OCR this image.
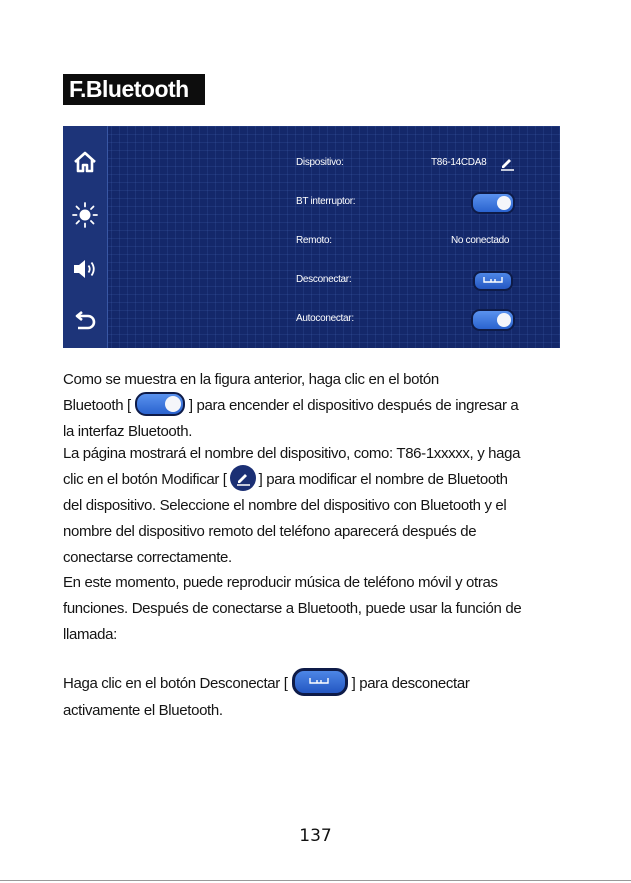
F.Bluetooth
Dispositivo:	T86-14CDA8
BT interruptor:
Remoto:	No conectado
Desconectar:
Autoconectar:
Como se muestra en la figura anterior, haga clic en el botón
Bluetooth [	] para encender el dispositivo después de ingresar a
la interfaz Bluetooth.
La página mostrará el nombre del dispositivo, como: T86-1xxxxx, y haga
clic en el botón Modificar [ ] para modificar el nombre de Bluetooth
del dispositivo. Seleccione el nombre del dispositivo con Bluetooth y el
nombre del dispositivo remoto del teléfono aparecerá después de
conectarse correctamente.
En este momento, puede reproducir música de teléfono móvil y otras
funciones. Después de conectarse a Bluetooth, puede usar la función de
llamada:
Haga clic en el botón Desconectar [	] para desconectar
activamente el Bluetooth.
137
